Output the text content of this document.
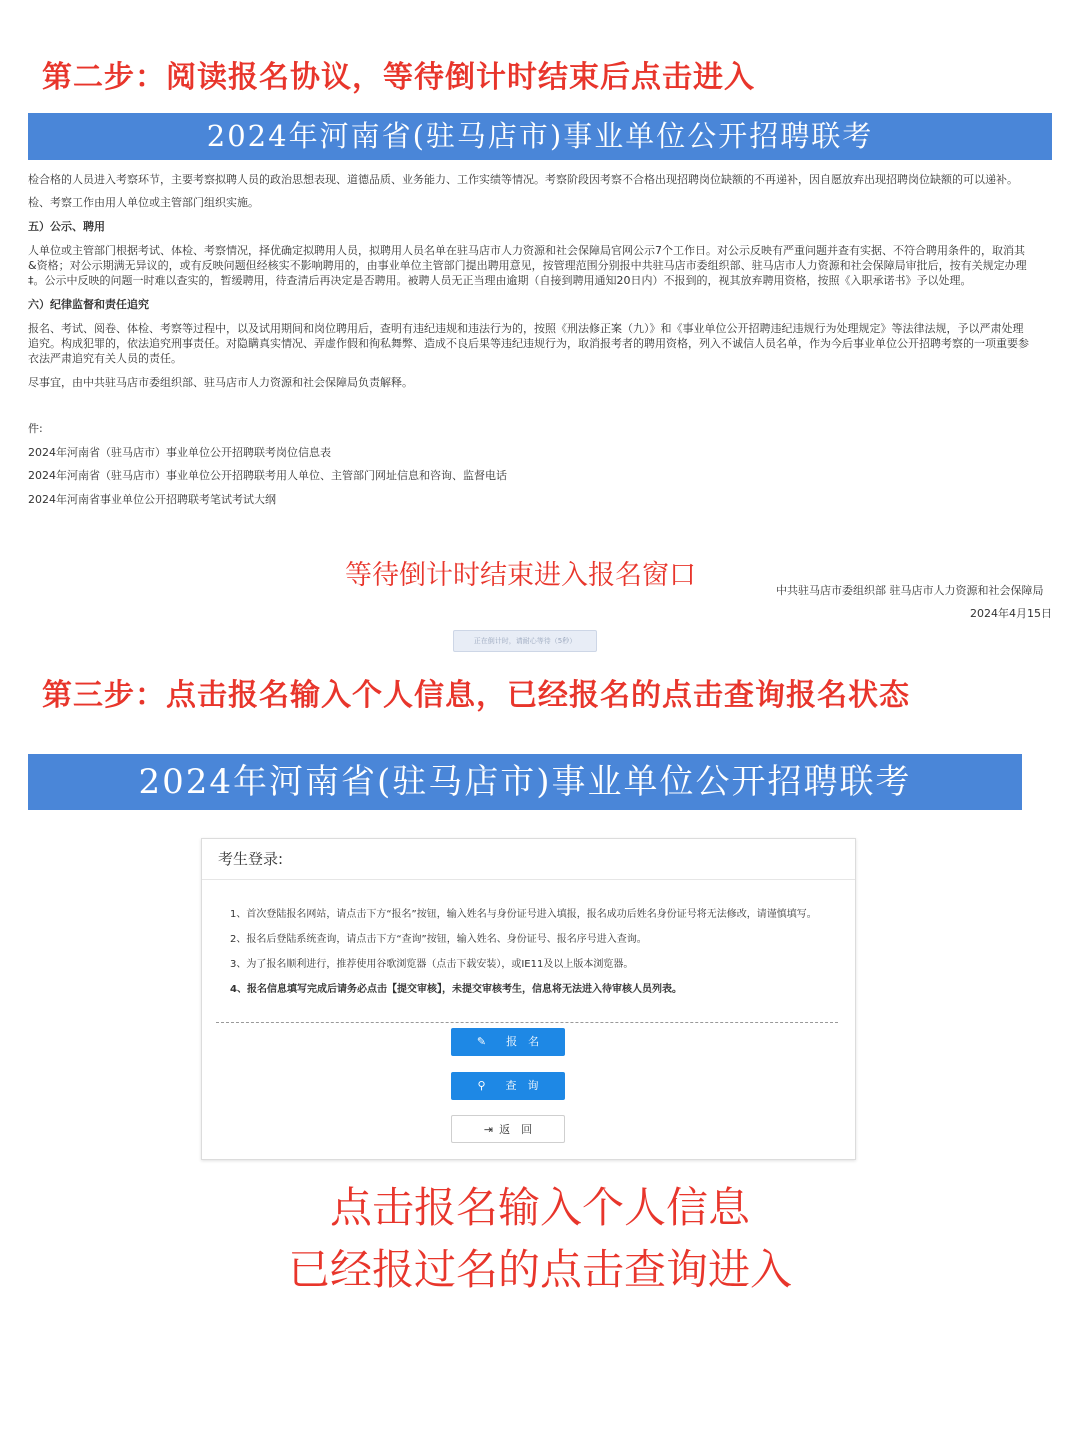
第二步：阅读报名协议，等待倒计时结束后点击进入
2024年河南省(驻马店市)事业单位公开招聘联考
检合格的人员进入考察环节，主要考察拟聘人员的政治思想表现、道德品质、业务能力、工作实绩等情况。考察阶段因考察不合格出现招聘岗位缺额的不再递补，因自愿放弃出现招聘岗位缺额的可以递补。
检、考察工作由用人单位或主管部门组织实施。
五）公示、聘用
人单位或主管部门根据考试、体检、考察情况，择优确定拟聘用人员，拟聘用人员名单在驻马店市人力资源和社会保障局官网公示7个工作日。对公示反映有严重问题并查有实据、不符合聘用条件的，取消其
&资格；对公示期满无异议的，或有反映问题但经核实不影响聘用的，由事业单位主管部门提出聘用意见，按管理范围分别报中共驻马店市委组织部、驻马店市人力资源和社会保障局审批后，按有关规定办理
‡。公示中反映的问题一时难以查实的，暂缓聘用，待查清后再决定是否聘用。被聘人员无正当理由逾期（自接到聘用通知20日内）不报到的，视其放弃聘用资格，按照《入职承诺书》予以处理。
六）纪律监督和责任追究
报名、考试、阅卷、体检、考察等过程中，以及试用期间和岗位聘用后，查明有违纪违规和违法行为的，按照《刑法修正案（九）》和《事业单位公开招聘违纪违规行为处理规定》等法律法规，予以严肃处理
追究。构成犯罪的，依法追究刑事责任。对隐瞒真实情况、弄虚作假和徇私舞弊、造成不良后果等违纪违规行为，取消报考者的聘用资格，列入不诚信人员名单，作为今后事业单位公开招聘考察的一项重要参
衣法严肃追究有关人员的责任。
尽事宜，由中共驻马店市委组织部、驻马店市人力资源和社会保障局负责解释。
件:
2024年河南省（驻马店市）事业单位公开招聘联考岗位信息表
2024年河南省（驻马店市）事业单位公开招聘联考用人单位、主管部门网址信息和咨询、监督电话
2024年河南省事业单位公开招聘联考笔试考试大纲
等待倒计时结束进入报名窗口	中共驻马店市委组织部 驻马店市人力资源和社会保障局
2024年4月15日
正在倒计时，请耐心等待（5秒）
第三步：点击报名输入个人信息，已经报名的点击查询报名状态
2024年河南省(驻马店市)事业单位公开招聘联考
考生登录:
1、首次登陆报名网站，请点击下方“报名”按钮，输入姓名与身份证号进入填报，报名成功后姓名身份证号将无法修改，请谨慎填写。
2、报名后登陆系统查询，请点击下方“查询”按钮，输入姓名、身份证号、报名序号进入查询。
3、为了报名顺利进行，推荐使用谷歌浏览器（点击下载安装），或IE11及以上版本浏览器。
4、报名信息填写完成后请务必点击【提交审核】，未提交审核考生，信息将无法进入待审核人员列表。
✎ 报　名
⚲ 查　询
⇥ 返　回
点击报名输入个人信息
已经报过名的点击查询进入
